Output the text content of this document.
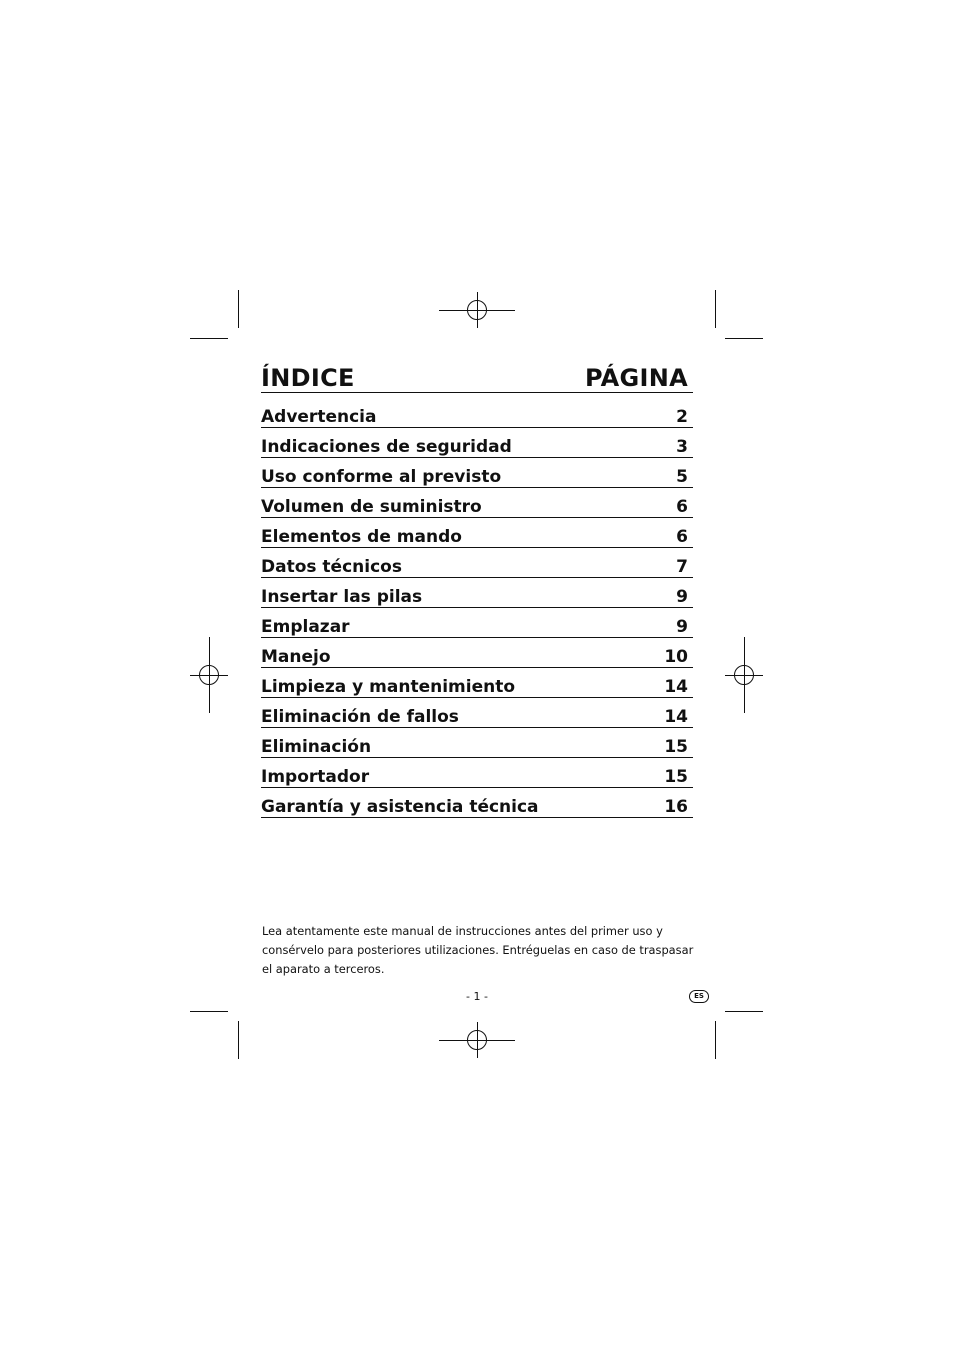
ÍNDICE	PÁGINA
Advertencia	2
Indicaciones de seguridad	3
Uso conforme al previsto	5
Volumen de suministro	6
Elementos de mando	6
Datos técnicos	7
Insertar las pilas	9
Emplazar	9
Manejo	10
Limpieza y mantenimiento	14
Eliminación de fallos	14
Eliminación	15
Importador	15
Garantía y asistencia técnica	16
Lea atentamente este manual de instrucciones antes del primer uso y
consérvelo para posteriores utilizaciones. Entréguelas en caso de traspasar
el aparato a terceros.
- 1 -	ES
